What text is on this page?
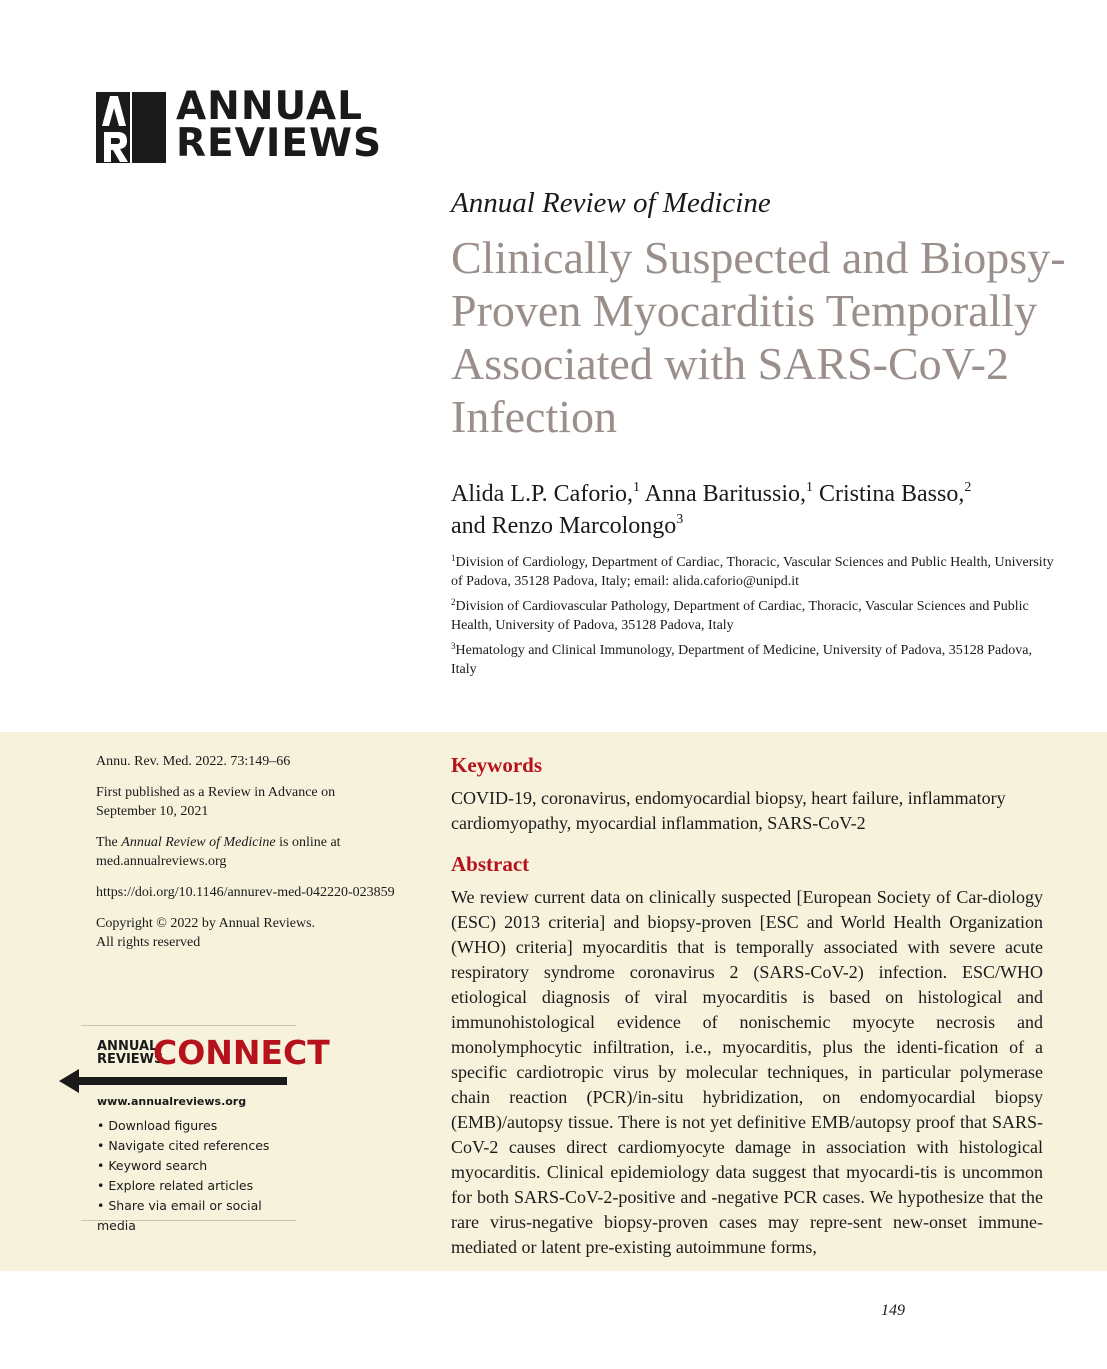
ANNUAL
REVIEWS
Annual Review of Medicine
Clinically Suspected and Biopsy-Proven Myocarditis Temporally Associated with SARS-CoV-2 Infection
Alida L.P. Caforio,$^1$ Anna Baritussio,$^1$ Cristina Basso,$^2$
and Renzo Marcolongo$^3$
$^1$Division of Cardiology, Department of Cardiac, Thoracic, Vascular Sciences and Public Health, University of Padova, 35128 Padova, Italy; email: alida.caforio@unipd.it
$^2$Division of Cardiovascular Pathology, Department of Cardiac, Thoracic, Vascular Sciences and Public Health, University of Padova, 35128 Padova, Italy
$^3$Hematology and Clinical Immunology, Department of Medicine, University of Padova, 35128 Padova, Italy

Annu. Rev. Med. 2022. 73:149–66

First published as a Review in Advance on September 10, 2021

The Annual Review of Medicine is online at med.annualreviews.org

https://doi.org/10.1146/annurev-med-042220-023859

Copyright © 2022 by Annual Reviews.
All rights reserved

ANNUAL
REVIEWS
CONNECT
www.annualreviews.org
• Download figures
• Navigate cited references
• Keyword search
• Explore related articles
• Share via email or social media
Keywords
COVID-19, coronavirus, endomyocardial biopsy, heart failure, inflammatory cardiomyopathy, myocardial inflammation, SARS-CoV-2
Abstract
We review current data on clinically suspected [European Society of Car-diology (ESC) 2013 criteria] and biopsy-proven [ESC and World Health Organization (WHO) criteria] myocarditis that is temporally associated with severe acute respiratory syndrome coronavirus 2 (SARS-CoV-2) infection. ESC/WHO etiological diagnosis of viral myocarditis is based on histological and immunohistological evidence of nonischemic myocyte necrosis and monolymphocytic infiltration, i.e., myocarditis, plus the identi-fication of a specific cardiotropic virus by molecular techniques, in particular polymerase chain reaction (PCR)/in-situ hybridization, on endomyocardial biopsy (EMB)/autopsy tissue. There is not yet definitive EMB/autopsy proof that SARS-CoV-2 causes direct cardiomyocyte damage in association with histological myocarditis. Clinical epidemiology data suggest that myocardi-tis is uncommon for both SARS-CoV-2-positive and -negative PCR cases. We hypothesize that the rare virus-negative biopsy-proven cases may repre-sent new-onset immune-mediated or latent pre-existing autoimmune forms,
149
